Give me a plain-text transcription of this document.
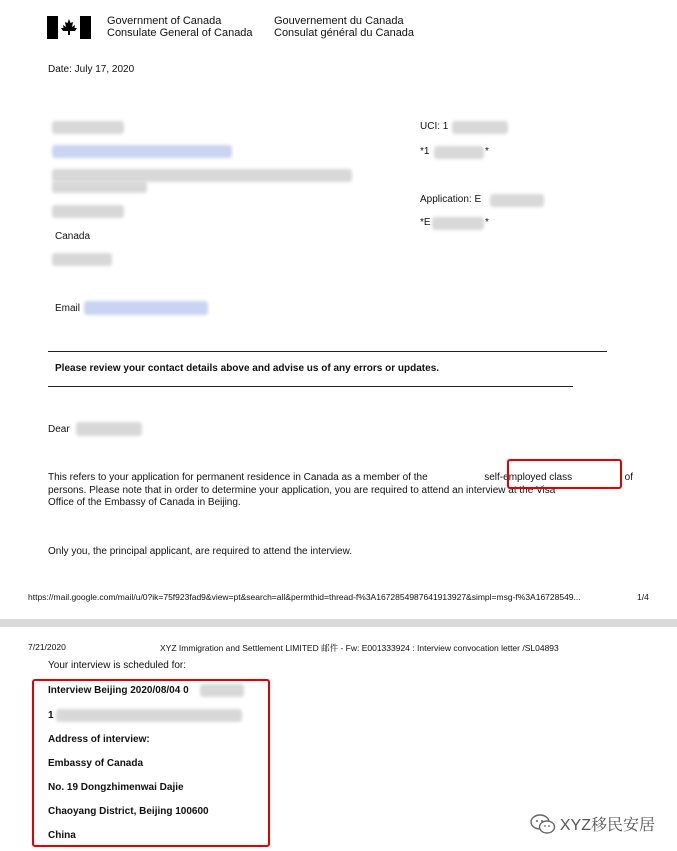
Government of Canada
Consulate General of Canada
Gouvernement du Canada
Consulat général du Canada
Date: July 17, 2020
Canada
Email
UCI: 1
*1	*
Application: E
*E	*
Please review your contact details above and advise us of any errors or updates.
Dear
This refers to your application for permanent residence in Canada as a member of the	self-employed class	of
persons. Please note that in order to determine your application, you are required to attend an interview at the Visa
Office of the Embassy of Canada in Beijing.
Only you, the principal applicant, are required to attend the interview.
https://mail.google.com/mail/u/0?ik=75f923fad9&view=pt&search=all&permthid=thread-f%3A1672854987641913927&simpl=msg-f%3A16728549...	1/4
7/21/2020	XYZ Immigration and Settlement LIMITED 邮件 - Fw: E001333924 : Interview convocation letter /SL04893
Your interview is scheduled for:
Interview Beijing 2020/08/04 0
1
Address of interview:
Embassy of Canada
No. 19 Dongzhimenwai Dajie
Chaoyang District, Beijing 100600
China
XYZ移民安居
